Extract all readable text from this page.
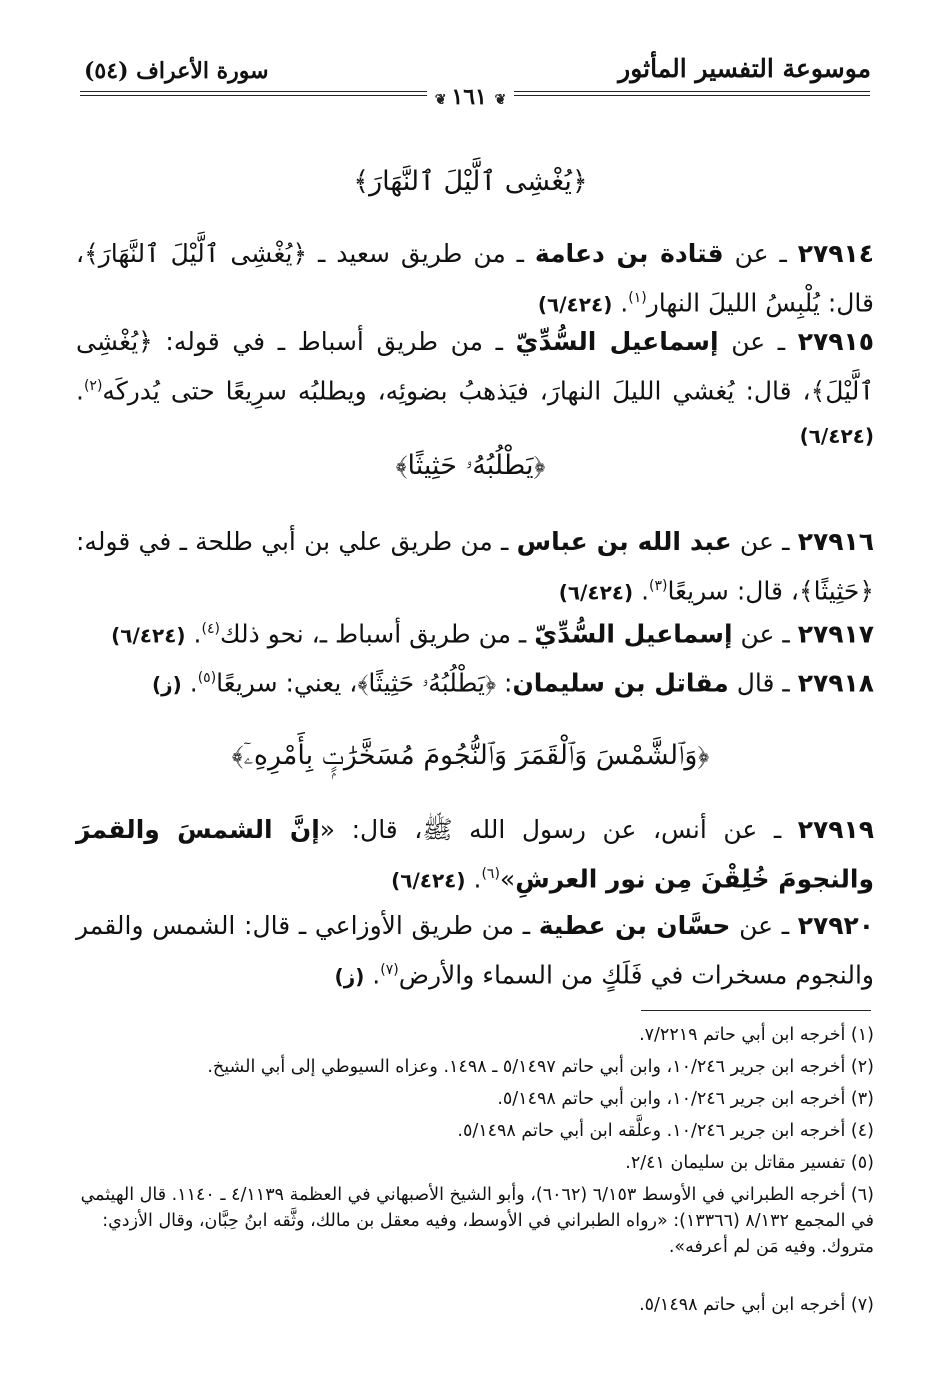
موسوعة التفسير المأثور
سورة الأعراف (٥٤)
❦ ١٦١ ❦
﴿يُغْشِى ٱلَّيْلَ ٱلنَّهَارَ﴾
٢٧٩١٤ ـ عن قتادة بن دعامة ـ من طريق سعيد ـ ﴿يُغْشِى ٱلَّيْلَ ٱلنَّهَارَ﴾، قال: يُلْبِسُ الليلَ النهار$^{(١)}$. (٦/٤٢٤)
٢٧٩١٥ ـ عن إسماعيل السُّدِّيّ ـ من طريق أسباط ـ في قوله: ﴿يُغْشِى ٱلَّيْلَ﴾، قال: يُغشي الليلَ النهارَ، فيَذهبُ بضوئِه، ويطلبُه سرِيعًا حتى يُدركَه$^{(٢)}$. (٦/٤٢٤)
﴿يَطْلُبُهُۥ حَثِيثًا﴾
٢٧٩١٦ ـ عن عبد الله بن عباس ـ من طريق علي بن أبي طلحة ـ في قوله: ﴿حَثِيثًا﴾، قال: سريعًا$^{(٣)}$. (٦/٤٢٤)
٢٧٩١٧ ـ عن إسماعيل السُّدِّيّ ـ من طريق أسباط ـ، نحو ذلك$^{(٤)}$. (٦/٤٢٤)
٢٧٩١٨ ـ قال مقاتل بن سليمان: ﴿يَطْلُبُهُۥ حَثِيثًا﴾، يعني: سريعًا$^{(٥)}$. (ز)
﴿وَٱلشَّمْسَ وَٱلْقَمَرَ وَٱلنُّجُومَ مُسَخَّرَٰتٍۭ بِأَمْرِهِۦٓ﴾
٢٧٩١٩ ـ عن أنس، عن رسول الله ﷺ، قال: «إنَّ الشمسَ والقمرَ والنجومَ خُلِقْنَ مِن نور العرشِ»$^{(٦)}$. (٦/٤٢٤)
٢٧٩٢٠ ـ عن حسَّان بن عطية ـ من طريق الأوزاعي ـ قال: الشمس والقمر والنجوم مسخرات في فَلَكٍ من السماء والأرض$^{(٧)}$. (ز)
(١) أخرجه ابن أبي حاتم ٧/٢٢١٩.
(٢) أخرجه ابن جرير ١٠/٢٤٦، وابن أبي حاتم ٥/١٤٩٧ ـ ١٤٩٨. وعزاه السيوطي إلى أبي الشيخ.
(٣) أخرجه ابن جرير ١٠/٢٤٦، وابن أبي حاتم ٥/١٤٩٨.
(٤) أخرجه ابن جرير ١٠/٢٤٦. وعلَّقه ابن أبي حاتم ٥/١٤٩٨.
(٥) تفسير مقاتل بن سليمان ٢/٤١.
(٦) أخرجه الطبراني في الأوسط ٦/١٥٣ (٦٠٦٢)، وأبو الشيخ الأصبهاني في العظمة ٤/١١٣٩ ـ ١١٤٠. قال الهيثمي في المجمع ٨/١٣٢ (١٣٣٦٦): «رواه الطبراني في الأوسط، وفيه معقل بن مالك، وثَّقه ابنُ حِبَّان، وقال الأزدي: متروك. وفيه مَن لم أعرفه».
(٧) أخرجه ابن أبي حاتم ٥/١٤٩٨.
